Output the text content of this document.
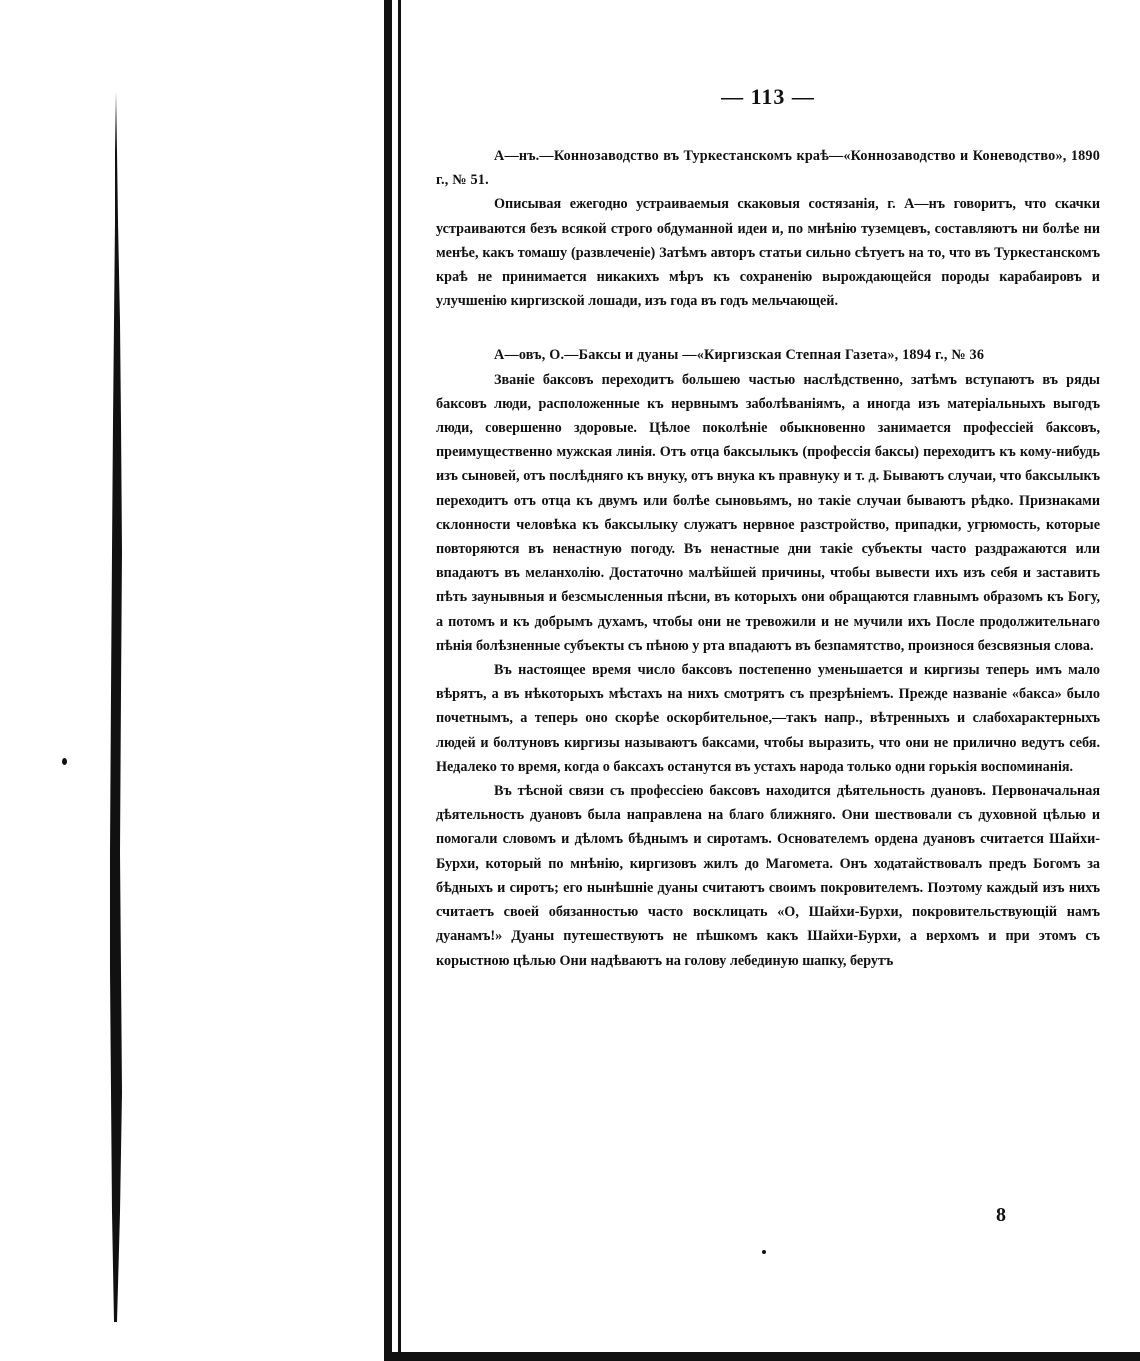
— 113 —

А—нъ.—Коннозаводство въ Туркестанскомъ краѣ—«Коннозаводство и Коневодство», 1890 г., № 51.

Описывая ежегодно устраиваемыя скаковыя состязанія, г. А—нъ говоритъ, что скачки устраиваются безъ всякой строго обдуманной идеи и, по мнѣнію туземцевъ, составляютъ ни болѣе ни менѣе, какъ томашу (развлеченіе) Затѣмъ авторъ статьи сильно сѣтуетъ на то, что въ Туркестанскомъ краѣ не принимается никакихъ мѣръ къ сохраненію вырождающейся породы карабаировъ и улучшенію киргизской лошади, изъ года въ годъ мельчающей.

А—овъ, О.—Баксы и дуаны —«Киргизская Степная Газета», 1894 г., № 36

Званіе баксовъ переходитъ большею частью наслѣдственно, затѣмъ вступаютъ въ ряды баксовъ люди, расположенные къ нервнымъ заболѣваніямъ, а иногда изъ матеріальныхъ выгодъ люди, совершенно здоровые. Цѣлое поколѣніе обыкновенно занимается профессіей баксовъ, преимущественно мужская линія. Отъ отца баксылыкъ (профессія баксы) переходитъ къ кому-нибудь изъ сыновей, отъ послѣдняго къ внуку, отъ внука къ правнуку и т. д. Бываютъ случаи, что баксылыкъ переходитъ отъ отца къ двумъ или болѣе сыновьямъ, но такіе случаи бываютъ рѣдко. Признаками склонности человѣка къ баксылыку служатъ нервное разстройство, припадки, угрюмость, которые повторяются въ ненастную погоду. Въ ненастные дни такіе субъекты часто раздражаются или впадаютъ въ меланхолію. Достаточно малѣйшей причины, чтобы вывести ихъ изъ себя и заставить пѣть заунывныя и безсмысленныя пѣсни, въ которыхъ они обращаются главнымъ образомъ къ Богу, а потомъ и къ добрымъ духамъ, чтобы они не тревожили и не мучили ихъ После продолжительнаго пѣнія болѣзненные субъекты съ пѣною у рта впадаютъ въ безпамятство, произнося безсвязныя слова.

Въ настоящее время число баксовъ постепенно уменьшается и киргизы теперь имъ мало вѣрятъ, а въ нѣкоторыхъ мѣстахъ на нихъ смотрятъ съ презрѣніемъ. Прежде названіе «бакса» было почетнымъ, а теперь оно скорѣе оскорбительное,—такъ напр., вѣтренныхъ и слабохарактерныхъ людей и болтуновъ киргизы называютъ баксами, чтобы выразить, что они не прилично ведутъ себя. Недалеко то время, когда о баксахъ останутся въ устахъ народа только одни горькія воспоминанія.

Въ тѣсной связи съ профессіею баксовъ находится дѣятельность дуановъ. Первоначальная дѣятельность дуановъ была направлена на благо ближняго. Они шествовали съ духовной цѣлью и помогали словомъ и дѣломъ бѣднымъ и сиротамъ. Основателемъ ордена дуановъ считается Шайхи-Бурхи, который по мнѣнію, киргизовъ жилъ до Магомета. Онъ ходатайствовалъ предъ Богомъ за бѣдныхъ и сиротъ; его нынѣшніе дуаны считаютъ своимъ покровителемъ. Поэтому каждый изъ нихъ считаетъ своей обязанностью часто восклицать «О, Шайхи-Бурхи, покровительствующій намъ дуанамъ!» Дуаны путешествуютъ не пѣшкомъ какъ Шайхи-Бурхи, а верхомъ и при этомъ съ корыстною цѣлью Они надѣваютъ на голову лебединую шапку, берутъ

8
